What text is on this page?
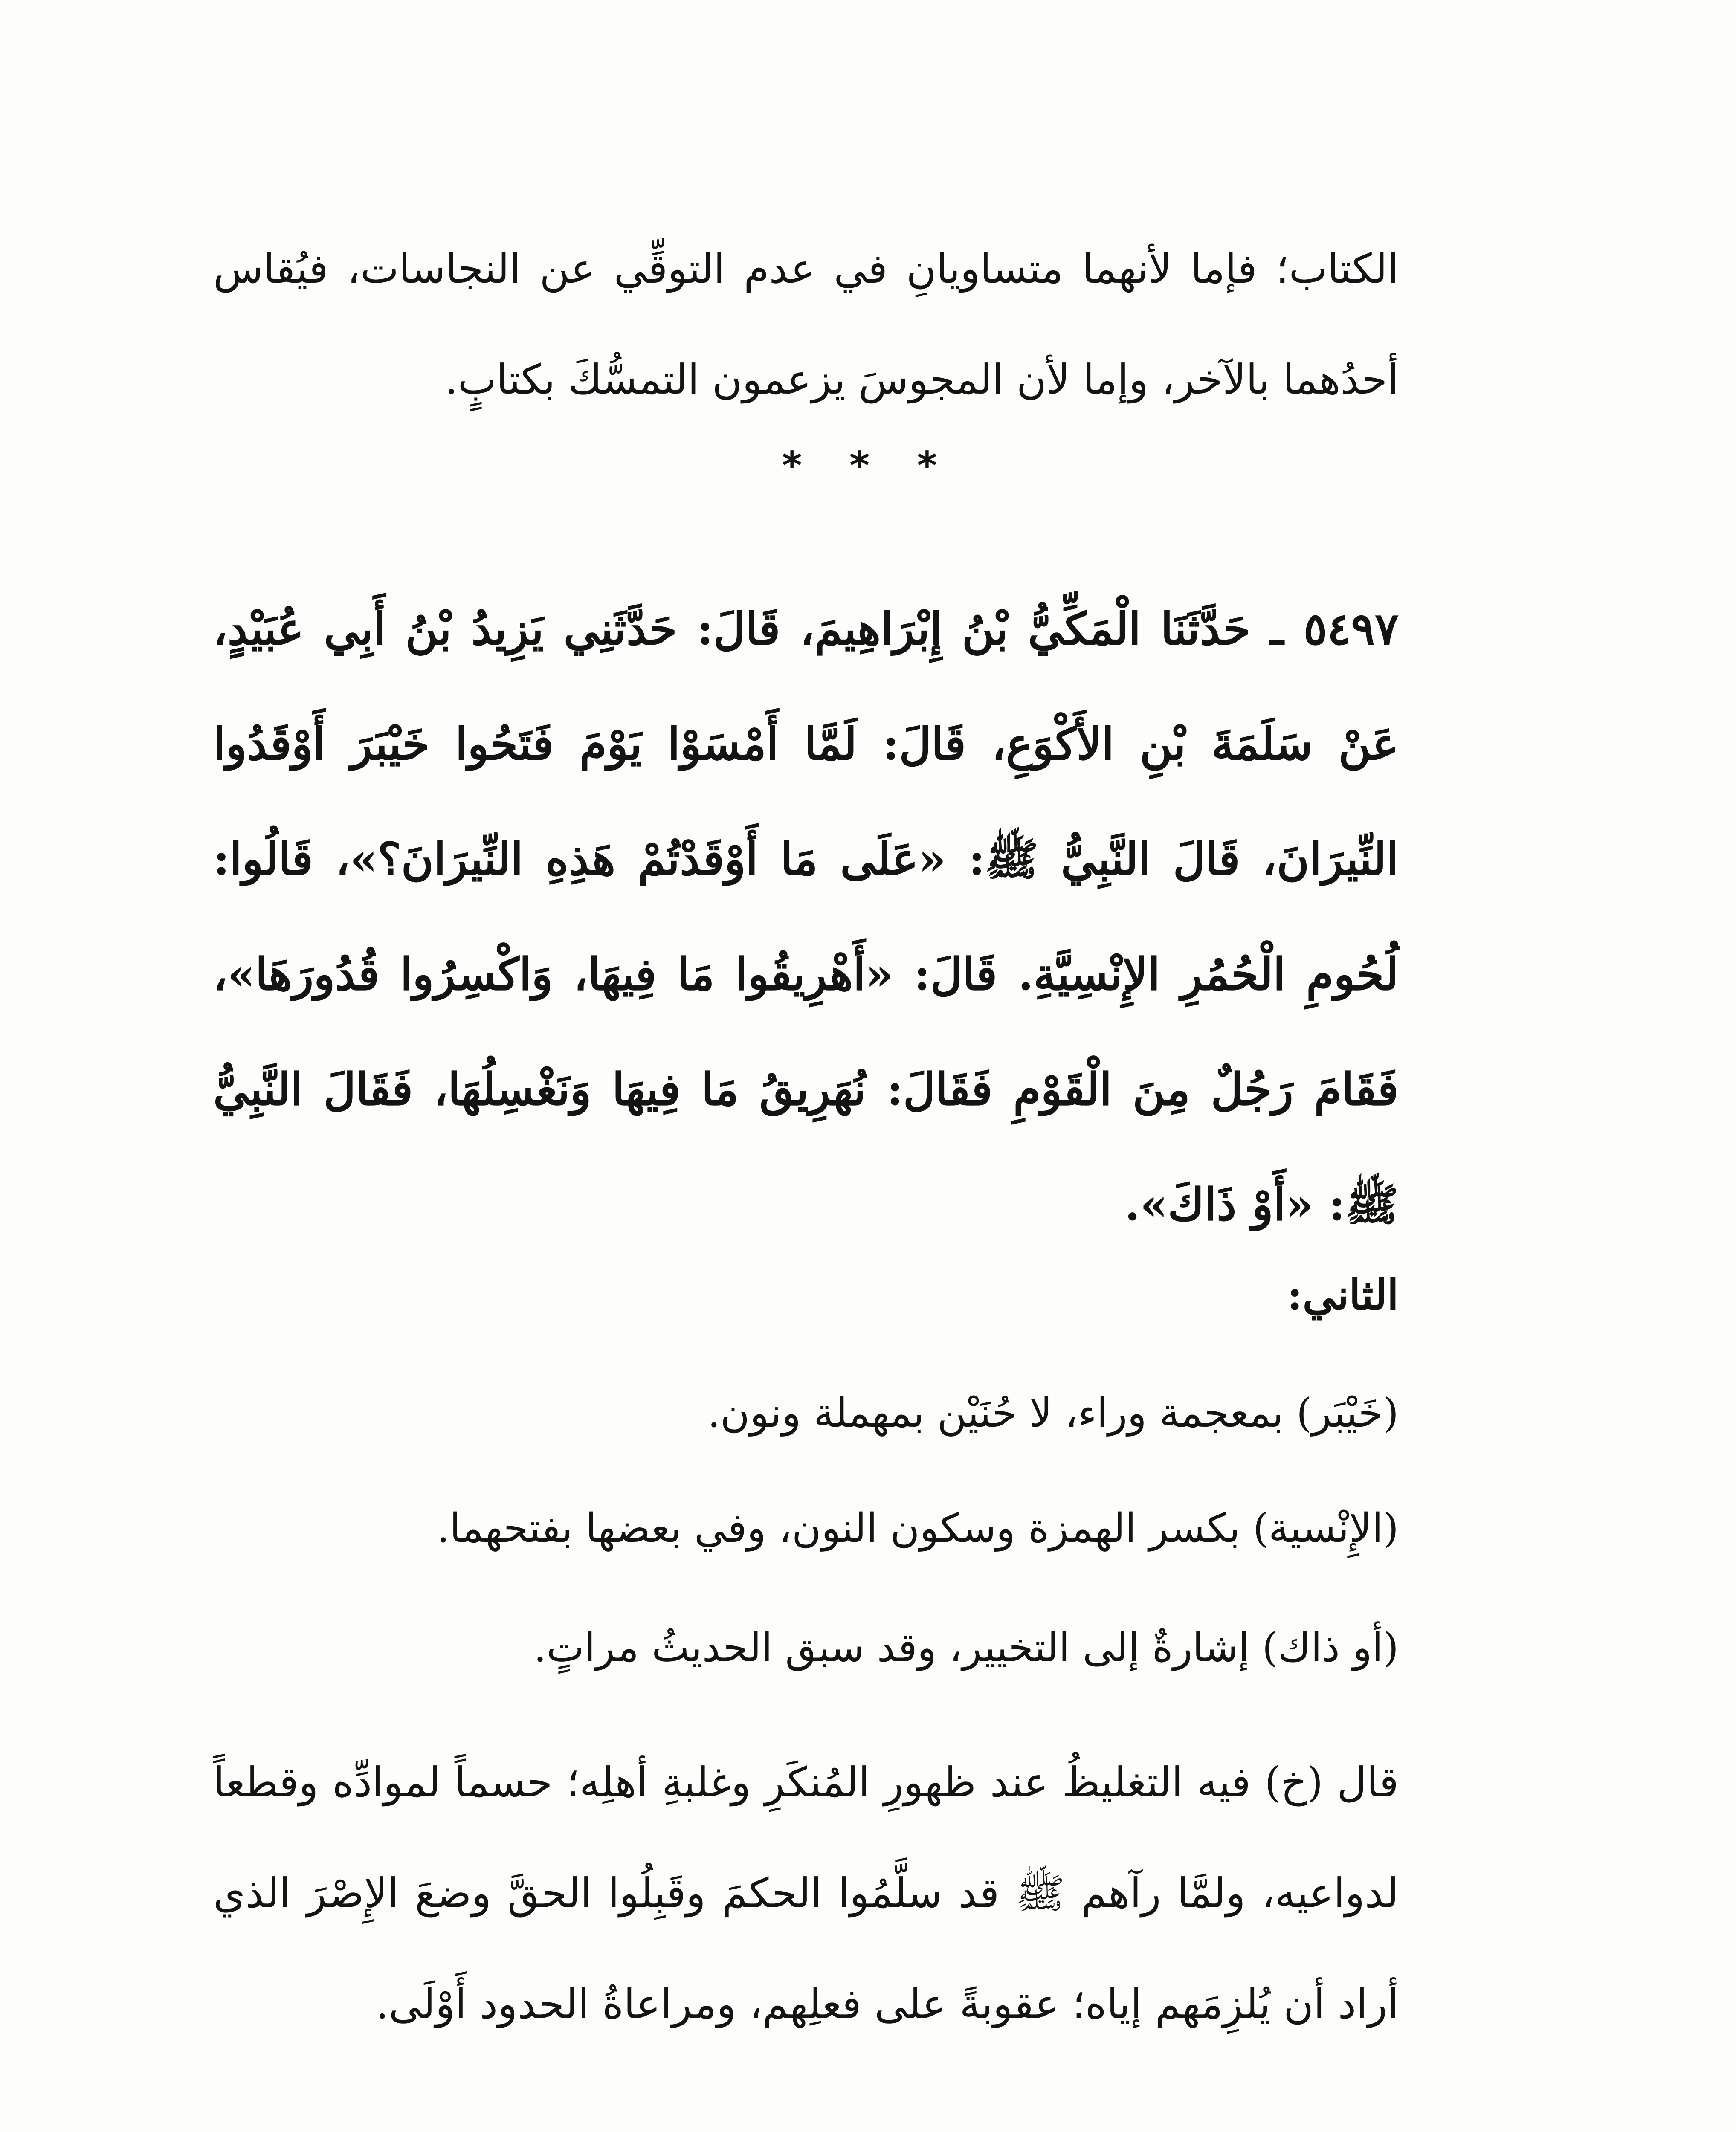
الكتاب؛ فإما لأنهما متساويانِ في عدم التوقِّي عن النجاسات، فيُقاس أحدُهما بالآخر، وإما لأن المجوسَ يزعمون التمسُّكَ بكتابٍ.

* * *

٥٤٩٧ ـ حَدَّثَنَا الْمَكِّيُّ بْنُ إِبْرَاهِيمَ، قَالَ: حَدَّثَنِي يَزِيدُ بْنُ أَبِي عُبَيْدٍ، عَنْ سَلَمَةَ بْنِ الأَكْوَعِ، قَالَ: لَمَّا أَمْسَوْا يَوْمَ فَتَحُوا خَيْبَرَ أَوْقَدُوا النِّيرَانَ، قَالَ النَّبِيُّ ﷺ: «عَلَى مَا أَوْقَدْتُمْ هَذِهِ النِّيرَانَ؟»، قَالُوا: لُحُومِ الْحُمُرِ الإِنْسِيَّةِ. قَالَ: «أَهْرِيقُوا مَا فِيهَا، وَاكْسِرُوا قُدُورَهَا»، فَقَامَ رَجُلٌ مِنَ الْقَوْمِ فَقَالَ: نُهَرِيقُ مَا فِيهَا وَنَغْسِلُهَا، فَقَالَ النَّبِيُّ ﷺ: «أَوْ ذَاكَ».

الثاني:

(خَيْبَر) بمعجمة وراء، لا حُنَيْن بمهملة ونون.

(الإِنْسية) بكسر الهمزة وسكون النون، وفي بعضها بفتحهما.

(أو ذاك) إشارةٌ إلى التخيير، وقد سبق الحديثُ مراتٍ.

قال (خ) فيه التغليظُ عند ظهورِ المُنكَرِ وغلبةِ أهلِه؛ حسماً لموادِّه وقطعاً لدواعيه، ولمَّا رآهم ﷺ قد سلَّمُوا الحكمَ وقَبِلُوا الحقَّ وضعَ الإِصْرَ الذي أراد أن يُلزِمَهم إياه؛ عقوبةً على فعلِهم، ومراعاةُ الحدود أَوْلَى.
